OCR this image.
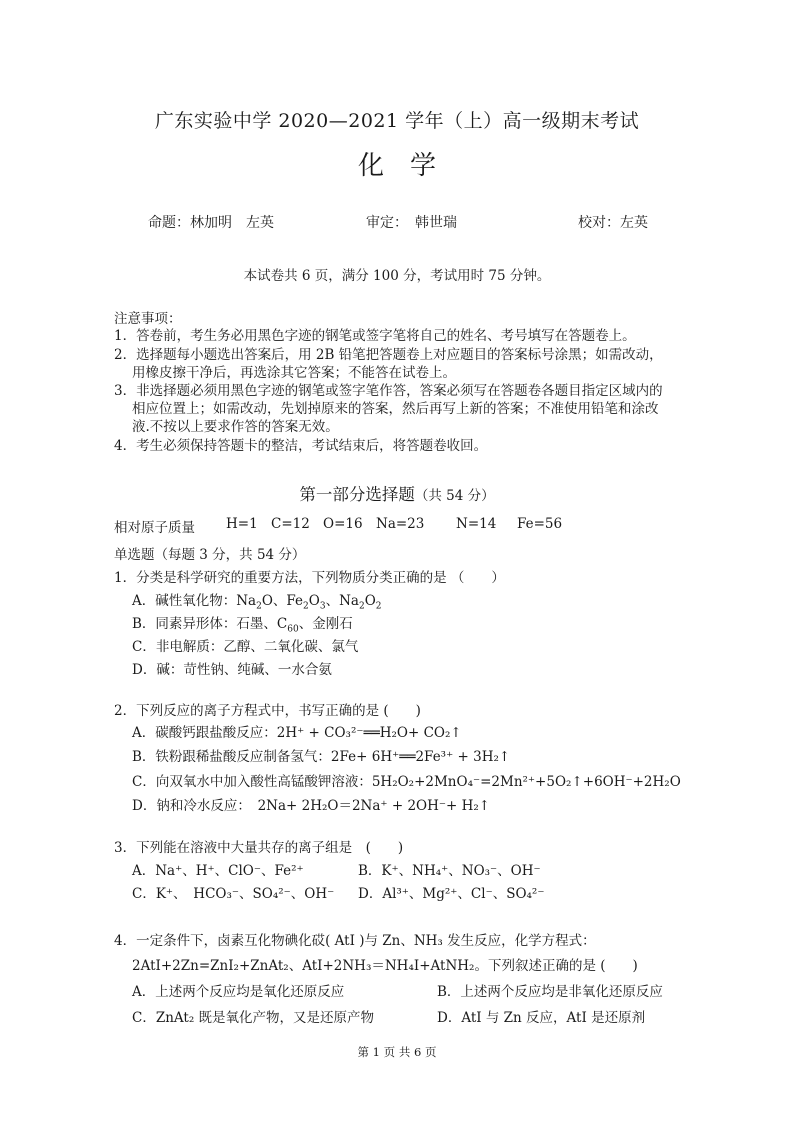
广东实验中学 2020—2021 学年（上）高一级期末考试
化学
命题：林加明　左英	审定：　韩世瑞	校对：左英
本试卷共 6 页，满分 100 分，考试用时 75 分钟。
注意事项：
1．答卷前，考生务必用黑色字迹的钢笔或签字笔将自己的姓名、考号填写在答题卷上。
2．选择题每小题选出答案后，用 2B 铅笔把答题卷上对应题目的答案标号涂黑；如需改动，
用橡皮擦干净后，再选涂其它答案；不能答在试卷上。
3．非选择题必须用黑色字迹的钢笔或签字笔作答，答案必须写在答题卷各题目指定区域内的
相应位置上；如需改动，先划掉原来的答案，然后再写上新的答案；不准使用铅笔和涂改
液.不按以上要求作答的答案无效。
4．考生必须保持答题卡的整洁，考试结束后，将答题卷收回。
第一部分选择题（共 54 分）
相对原子质量 H=1 C=12 O=16 Na=23 N=14 Fe=56
单选题（每题 3 分，共 54 分）
1．分类是科学研究的重要方法，下列物质分类正确的是 （　　）
A．碱性氧化物：$Na_2O$、$Fe_2O_3$、$Na_2O_2$
B．同素异形体：石墨、$C_{60}$、金刚石
C．非电解质：乙醇、二氧化碳、氯气
D．碱：苛性钠、纯碱、一水合氨
2．下列反应的离子方程式中，书写正确的是 (　　)
A．碳酸钙跟盐酸反应：2H⁺ + CO₃²⁻══H₂O+ CO₂↑
B．铁粉跟稀盐酸反应制备氢气：2Fe+ 6H⁺══2Fe³⁺ + 3H₂↑
C．向双氧水中加入酸性高锰酸钾溶液：5H₂O₂+2MnO₄⁻=2Mn²⁺+5O₂↑+6OH⁻+2H₂O
D．钠和冷水反应：　2Na+ 2H₂O＝2Na⁺ + 2OH⁻+ H₂↑
3．下列能在溶液中大量共存的离子组是　(　　)
A．Na⁺、H⁺、ClO⁻、Fe²⁺	B．K⁺、NH₄⁺、NO₃⁻、OH⁻
C．K⁺、　HCO₃⁻、SO₄²⁻、OH⁻ D．Al³⁺、Mg²⁺、Cl⁻、SO₄²⁻
4．一定条件下，卤素互化物碘化砹( AtI )与 Zn、NH₃ 发生反应，化学方程式：
2AtI+2Zn=ZnI₂+ZnAt₂、AtI+2NH₃＝NH₄I+AtNH₂。下列叙述正确的是 (　　)
A．上述两个反应均是氧化还原反应	B．上述两个反应均是非氧化还原反应
C．ZnAt₂ 既是氧化产物，又是还原产物	D．AtI 与 Zn 反应，AtI 是还原剂
第 1 页 共 6 页
